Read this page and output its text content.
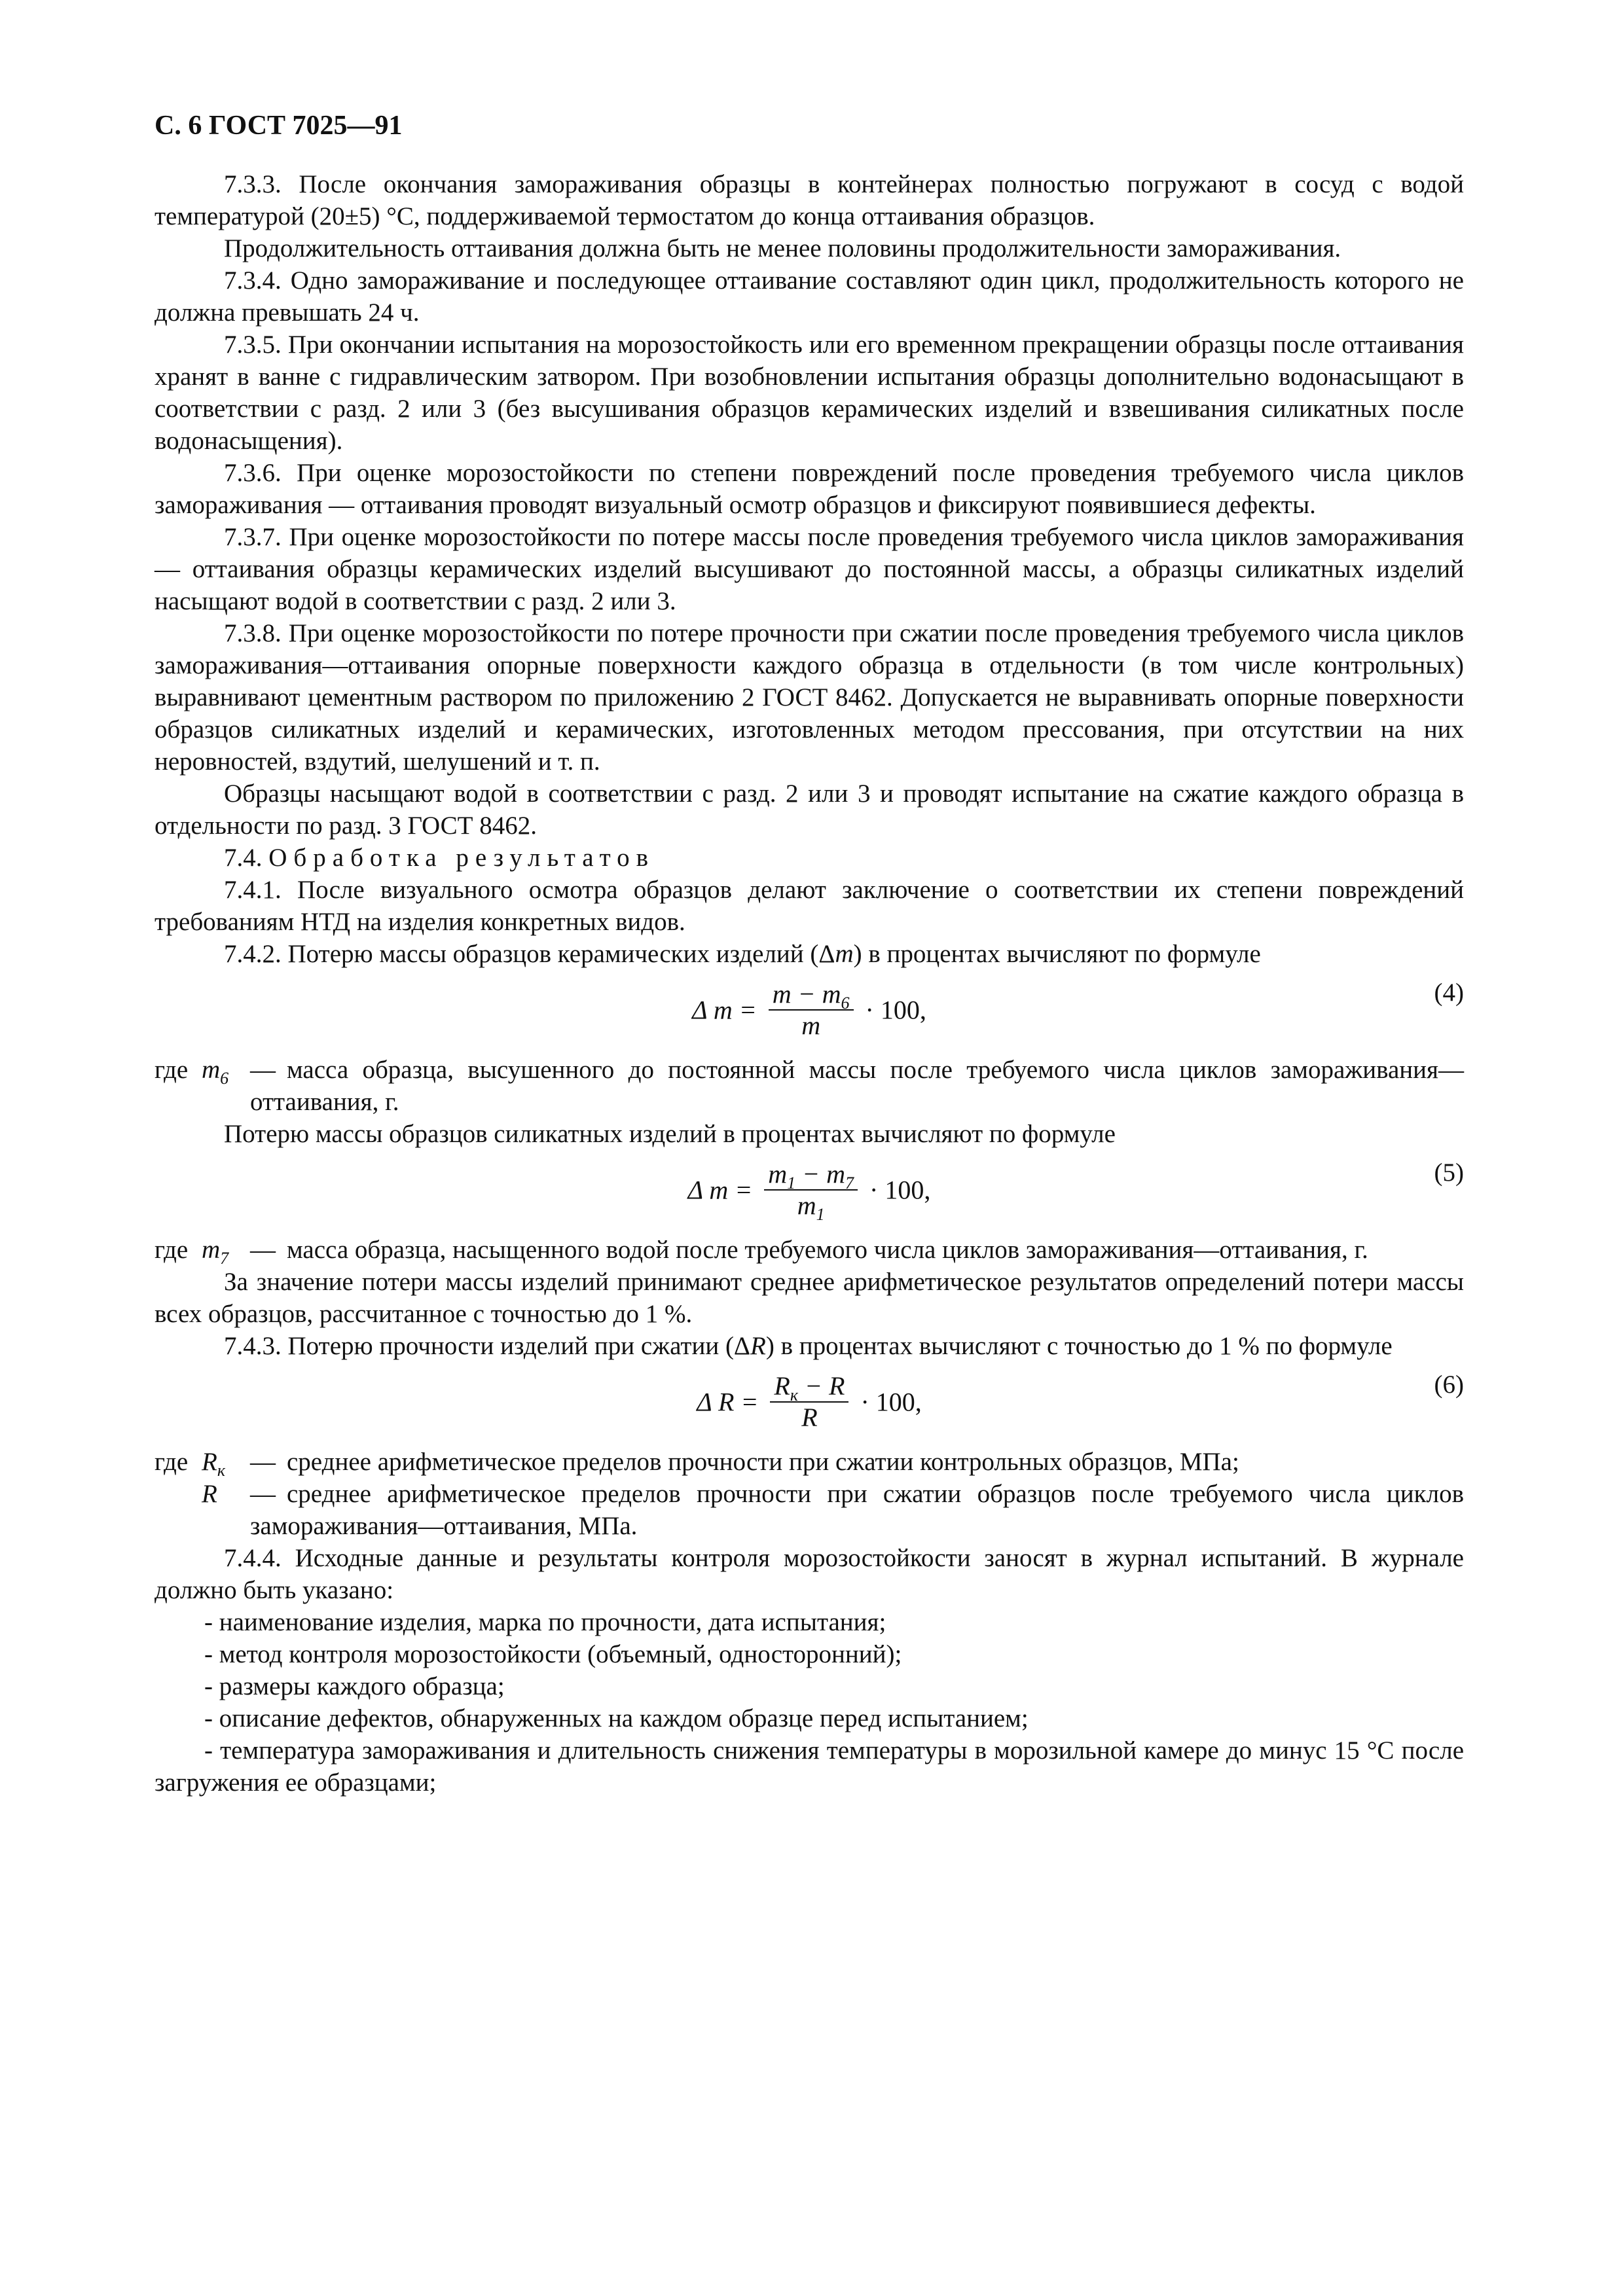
С. 6 ГОСТ 7025—91

7.3.3. После окончания замораживания образцы в контейнерах полностью погружают в сосуд с водой температурой (20±5) °С, поддерживаемой термостатом до конца оттаивания образцов.

Продолжительность оттаивания должна быть не менее половины продолжительности замораживания.

7.3.4. Одно замораживание и последующее оттаивание составляют один цикл, продолжительность которого не должна превышать 24 ч.

7.3.5. При окончании испытания на морозостойкость или его временном прекращении образцы после оттаивания хранят в ванне с гидравлическим затвором. При возобновлении испытания образцы дополнительно водонасыщают в соответствии с разд. 2 или 3 (без высушивания образцов керамических изделий и взвешивания силикатных после водонасыщения).

7.3.6. При оценке морозостойкости по степени повреждений после проведения требуемого числа циклов замораживания — оттаивания проводят визуальный осмотр образцов и фиксируют появившиеся дефекты.

7.3.7. При оценке морозостойкости по потере массы после проведения требуемого числа циклов замораживания — оттаивания образцы керамических изделий высушивают до постоянной массы, а образцы силикатных изделий насыщают водой в соответствии с разд. 2 или 3.

7.3.8. При оценке морозостойкости по потере прочности при сжатии после проведения требуемого числа циклов замораживания—оттаивания опорные поверхности каждого образца в отдельности (в том числе контрольных) выравнивают цементным раствором по приложению 2 ГОСТ 8462. Допускается не выравнивать опорные поверхности образцов силикатных изделий и керамических, изготовленных методом прессования, при отсутствии на них неровностей, вздутий, шелушений и т. п.

Образцы насыщают водой в соответствии с разд. 2 или 3 и проводят испытание на сжатие каждого образца в отдельности по разд. 3 ГОСТ 8462.

7.4. Обработка результатов

7.4.1. После визуального осмотра образцов делают заключение о соответствии их степени повреждений требованиям НТД на изделия конкретных видов.

7.4.2. Потерю массы образцов керамических изделий (Δm) в процентах вычисляют по формуле

Δ $m = \frac{m - m_6}{m} \cdot 100$,
(4)
где	$m_6$	— масса образца, высушенного до постоянной массы после требуемого числа циклов замораживания—оттаивания, г.

Потерю массы образцов силикатных изделий в процентах вычисляют по формуле

Δ $m = \frac{m_1 - m_7}{m_1} \cdot 100$,
(5)
где	$m_7$	— масса образца, насыщенного водой после требуемого числа циклов замораживания—оттаивания, г.

За значение потери массы изделий принимают среднее арифметическое результатов определений потери массы всех образцов, рассчитанное с точностью до 1 %.

7.4.3. Потерю прочности изделий при сжатии (ΔR) в процентах вычисляют с точностью до 1 % по формуле

Δ $R = \frac{R_к - R}{R} \cdot 100$,
(6)
где	$R_к$	— среднее арифметическое пределов прочности при сжатии контрольных образцов, МПа;
	R	— среднее арифметическое пределов прочности при сжатии образцов после требуемого числа циклов замораживания—оттаивания, МПа.

7.4.4. Исходные данные и результаты контроля морозостойкости заносят в журнал испытаний. В журнале должно быть указано:

- наименование изделия, марка по прочности, дата испытания;

- метод контроля морозостойкости (объемный, односторонний);

- размеры каждого образца;

- описание дефектов, обнаруженных на каждом образце перед испытанием;

- температура замораживания и длительность снижения температуры в морозильной камере до минус 15 °С после загружения ее образцами;
